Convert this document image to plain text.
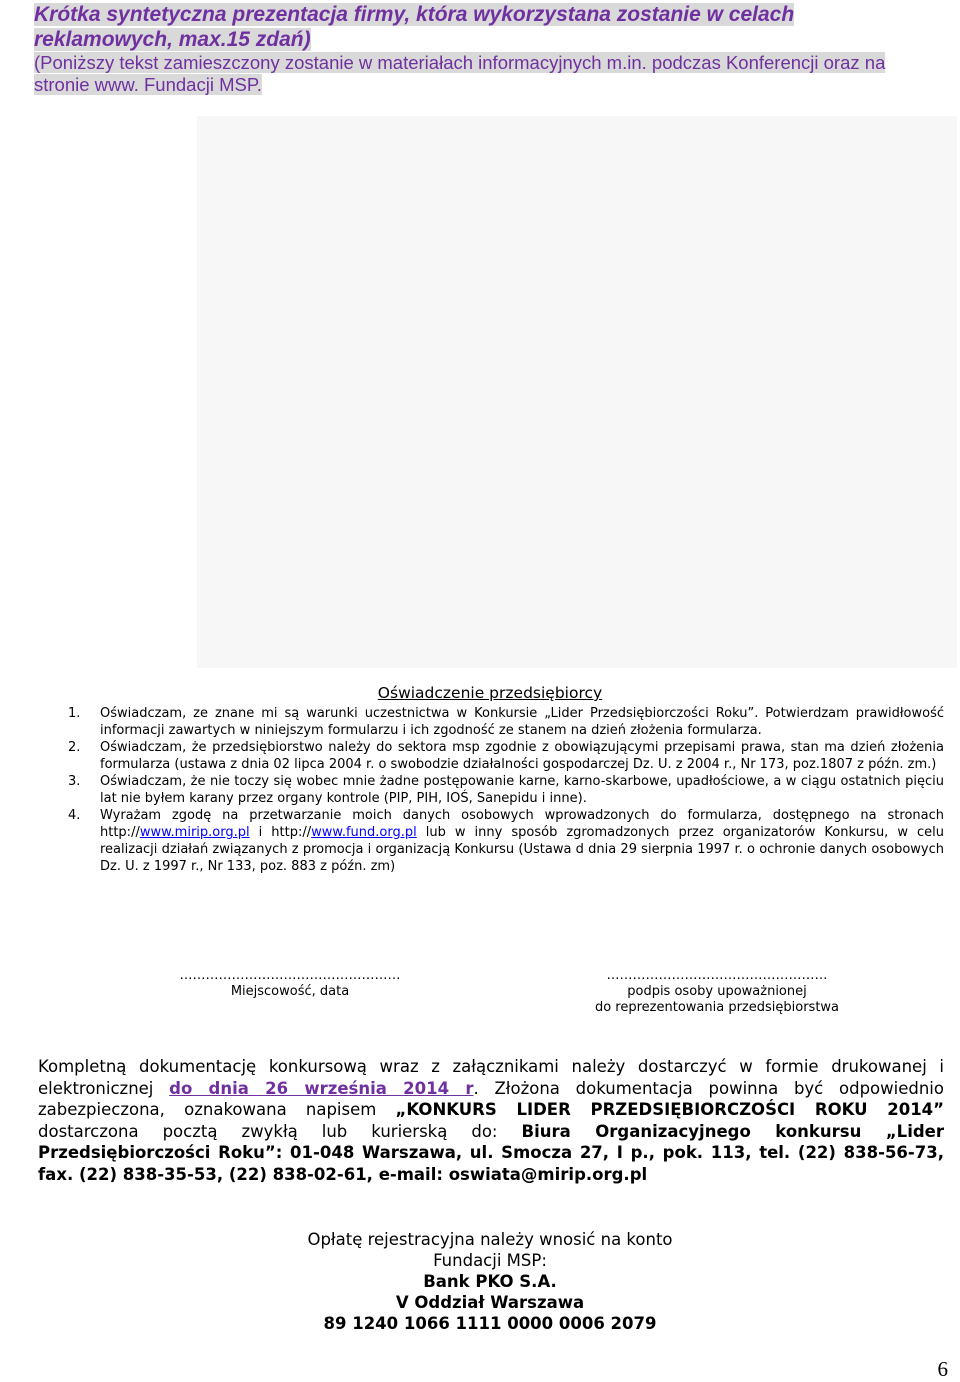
Krótka syntetyczna prezentacja firmy, która wykorzystana zostanie w celach reklamowych, max.15 zdań)
(Poniższy tekst zamieszczony zostanie w materiałach informacyjnych m.in. podczas Konferencji oraz na stronie www. Fundacji MSP.
Oświadczenie przedsiębiorcy

1. Oświadczam, ze znane mi są warunki uczestnictwa w Konkursie „Lider Przedsiębiorczości Roku”. Potwierdzam prawidłowość informacji zawartych w niniejszym formularzu i ich zgodność ze stanem na dzień złożenia formularza.

2. Oświadczam, że przedsiębiorstwo należy do sektora msp zgodnie z obowiązującymi przepisami prawa, stan ma dzień złożenia formularza (ustawa z dnia 02 lipca 2004 r. o swobodzie działalności gospodarczej Dz. U. z 2004 r., Nr 173, poz.1807 z późn. zm.)

3. Oświadczam, że nie toczy się wobec mnie żadne postępowanie karne, karno-skarbowe, upadłościowe, a w ciągu ostatnich pięciu lat nie byłem karany przez organy kontrole (PIP, PIH, IOŚ, Sanepidu i inne).

4. Wyrażam zgodę na przetwarzanie moich danych osobowych wprowadzonych do formularza, dostępnego na stronach http://www.mirip.org.pl i http://www.fund.org.pl lub w inny sposób zgromadzonych przez organizatorów Konkursu, w celu realizacji działań związanych z promocja i organizacją Konkursu (Ustawa d dnia 29 sierpnia 1997 r. o ochronie danych osobowych Dz. U. z 1997 r., Nr 133, poz. 883 z późn. zm)

……………………………………………
Miejscowość, data
……………………………………………
podpis osoby upoważnionej
do reprezentowania przedsiębiorstwa
Kompletną dokumentację konkursową wraz z załącznikami należy dostarczyć w formie drukowanej i elektronicznej do dnia 26 września 2014 r. Złożona dokumentacja powinna być odpowiednio zabezpieczona, oznakowana napisem „KONKURS LIDER PRZEDSIĘBIORCZOŚCI ROKU 2014” dostarczona pocztą zwykłą lub kurierską do: Biura Organizacyjnego konkursu „Lider Przedsiębiorczości Roku”: 01-048 Warszawa, ul. Smocza 27, I p., pok. 113, tel. (22) 838-56-73, fax. (22) 838-35-53, (22) 838-02-61, e-mail: oswiata@mirip.org.pl
Opłatę rejestracyjna należy wnosić na konto
Fundacji MSP:
Bank PKO S.A.
V Oddział Warszawa
89 1240 1066 1111 0000 0006 2079
6
